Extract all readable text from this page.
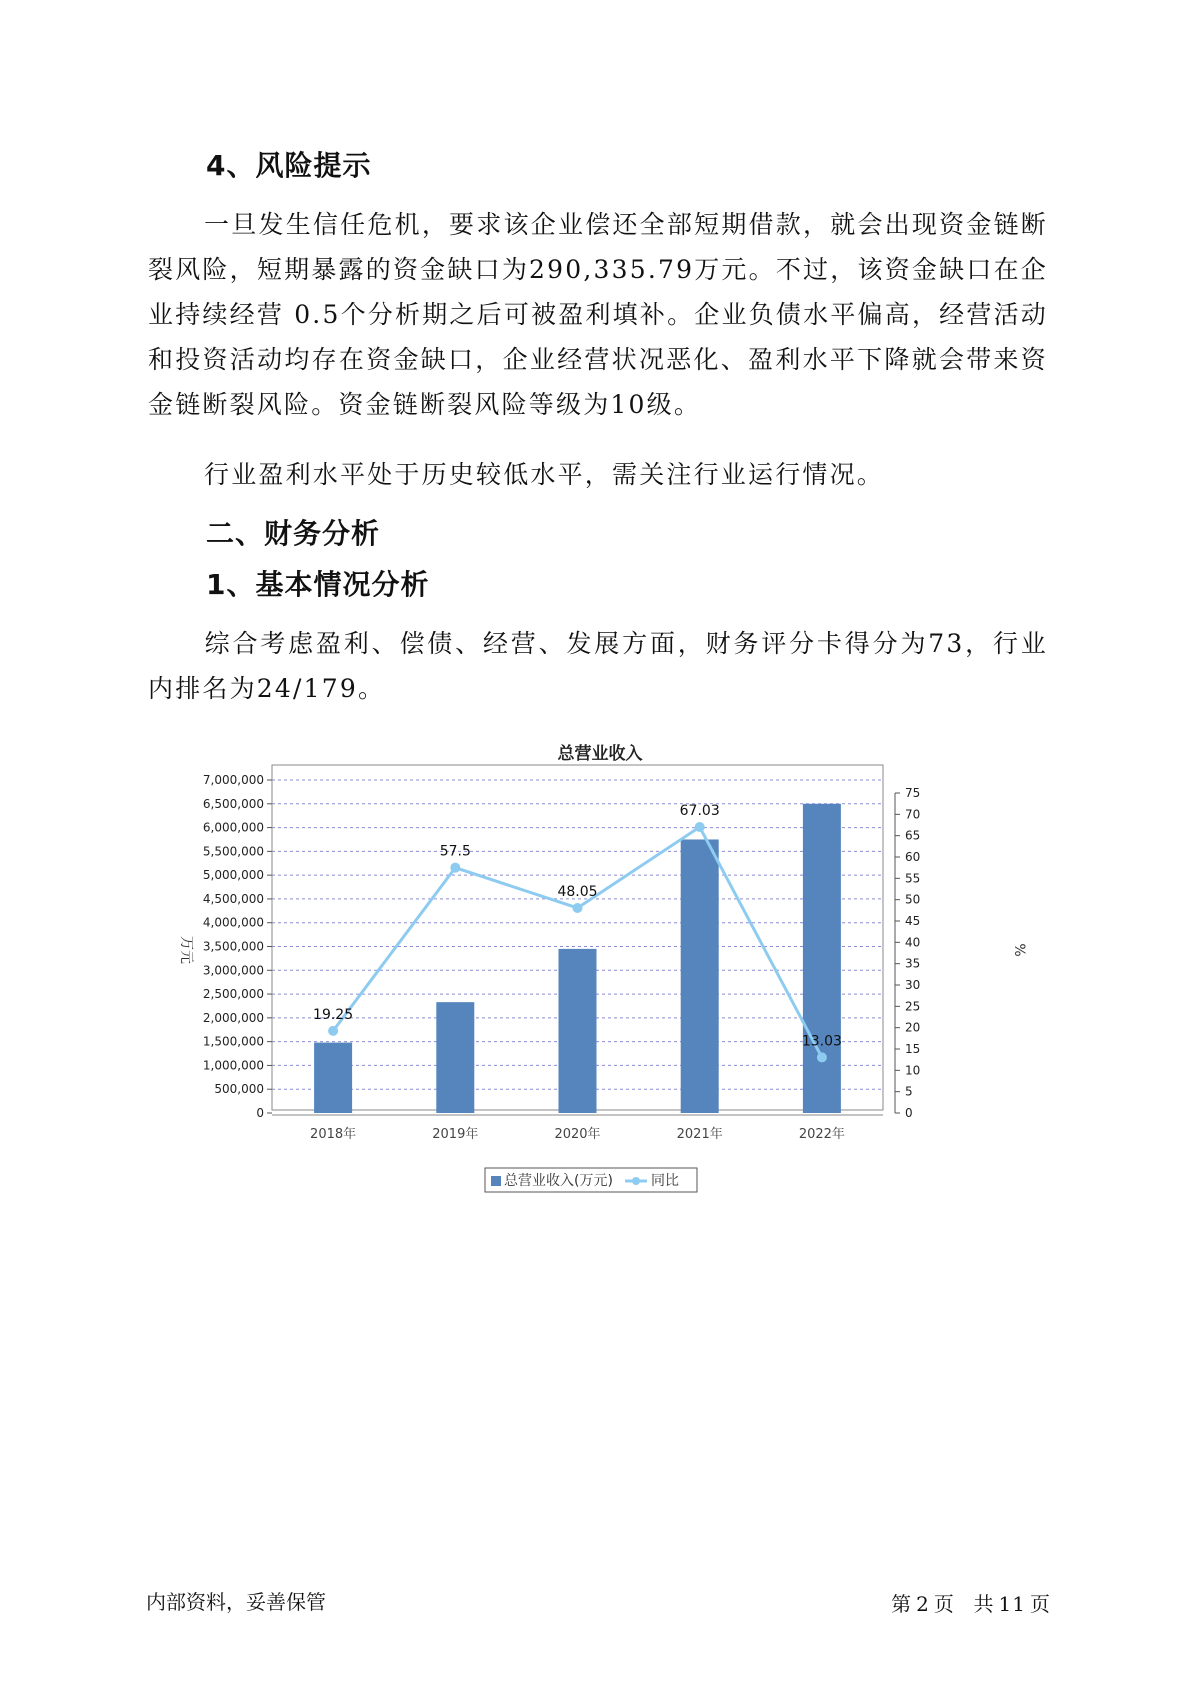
4、风险提示

一旦发生信任危机，要求该企业偿还全部短期借款，就会出现资金链断裂风险，短期暴露的资金缺口为290,335.79万元。不过，该资金缺口在企业持续经营 0.5个分析期之后可被盈利填补。企业负债水平偏高，经营活动和投资活动均存在资金缺口，企业经营状况恶化、盈利水平下降就会带来资金链断裂风险。资金链断裂风险等级为10级。

行业盈利水平处于历史较低水平，需关注行业运行情况。

二、财务分析
1、基本情况分析

综合考虑盈利、偿债、经营、发展方面，财务评分卡得分为73，行业内排名为24/179。

总营业收入
0
500,000
1,000,000
1,500,000
2,000,000
2,500,000
3,000,000
3,500,000
4,000,000
4,500,000
5,000,000
5,500,000
6,000,000
6,500,000
7,000,000
0
5
10
15
20
25
30
35
40
45
50
55
60
65
70
75
万元	%
19.25
57.5
48.05
67.03
13.03
2018年	2019年	2020年	2021年	2022年
总营业收入(万元)	同比
内部资料，妥善保管	第 2 页 共 11 页
